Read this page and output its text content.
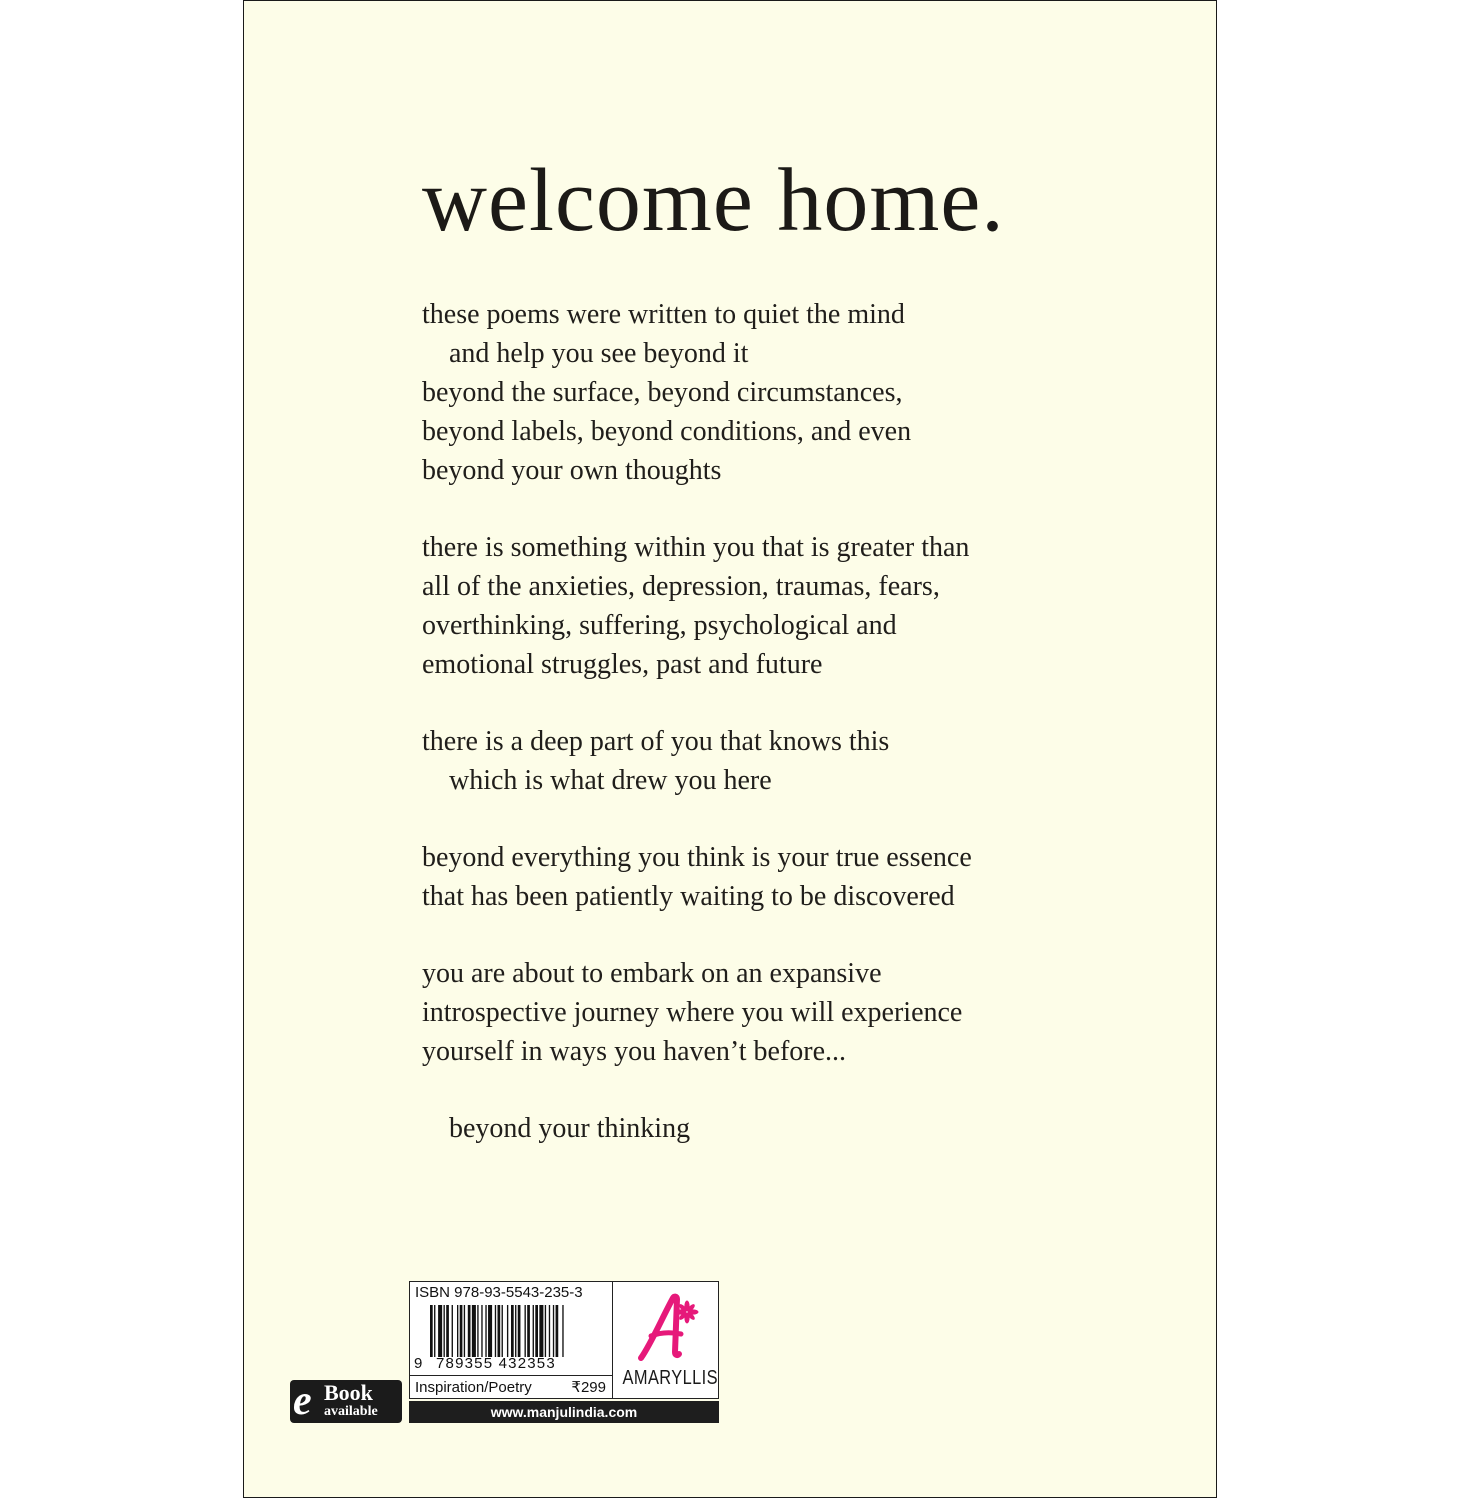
welcome home.
these poems were written to quiet the mind
and help you see beyond it
beyond the surface, beyond circumstances,
beyond labels, beyond conditions, and even
beyond your own thoughts
there is something within you that is greater than
all of the anxieties, depression, traumas, fears,
overthinking, suffering, psychological and
emotional struggles, past and future
there is a deep part of you that knows this
which is what drew you here
beyond everything you think is your true essence
that has been patiently waiting to be discovered
you are about to embark on an expansive
introspective journey where you will experience
yourself in ways you haven’t before...
beyond your thinking
ISBN 978-93-5543-235-3
9 789355 432353
Inspiration/Poetry	₹299 AMARYLLIS
www.manjulindia.com
e Book
available
